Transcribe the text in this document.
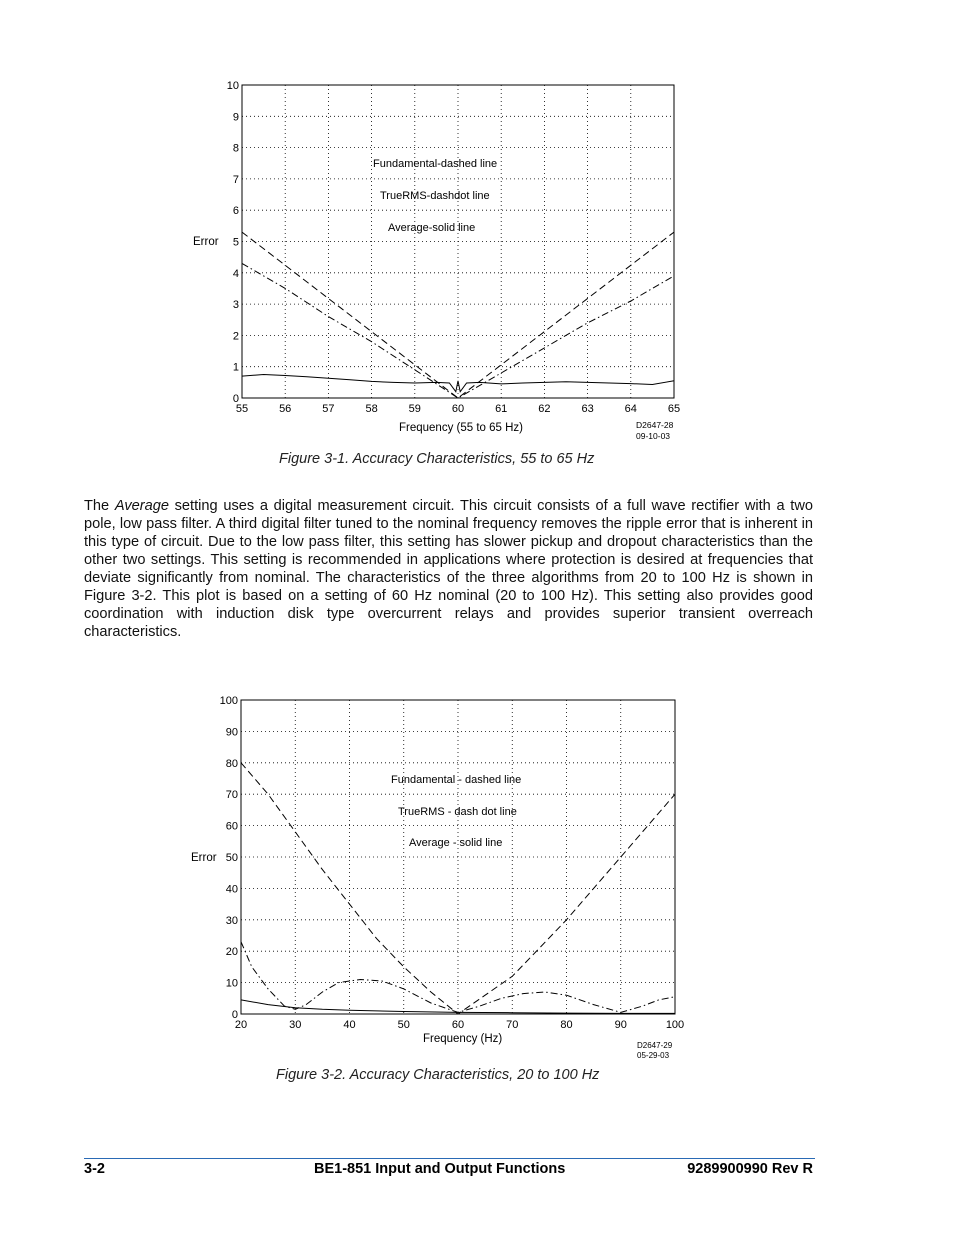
55	56	57	58	59	60	61	62	63	64	65
0
1
2
3
4
5
6
7
8
9
10
Error
Frequency (55 to 65 Hz)
Fundamental-dashed line
TrueRMS-dashdot line
Average-solid line
D2647-28
09-10-03
Figure 3-1. Accuracy Characteristics, 55 to 65 Hz
The Average setting uses a digital measurement circuit. This circuit consists of a full wave rectifier with a two pole, low pass filter. A third digital filter tuned to the nominal frequency removes the ripple error that is inherent in this type of circuit. Due to the low pass filter, this setting has slower pickup and dropout characteristics than the other two settings. This setting is recommended in applications where protection is desired at frequencies that deviate significantly from nominal. The characteristics of the three algorithms from 20 to 100 Hz is shown in Figure 3-2. This plot is based on a setting of 60 Hz nominal (20 to 100 Hz). This setting also provides good coordination with induction disk type overcurrent relays and provides superior transient overreach characteristics.
20	30	40	50	60	70	80	90	100
0
10
20
30
40
50
60
70
80
90
100
Error
Frequency (Hz)
Fundamental - dashed line
TrueRMS - dash dot line
Average - solid line
D2647-29
05-29-03
Figure 3-2. Accuracy Characteristics, 20 to 100 Hz
3-2	BE1-851 Input and Output Functions	9289900990 Rev R
